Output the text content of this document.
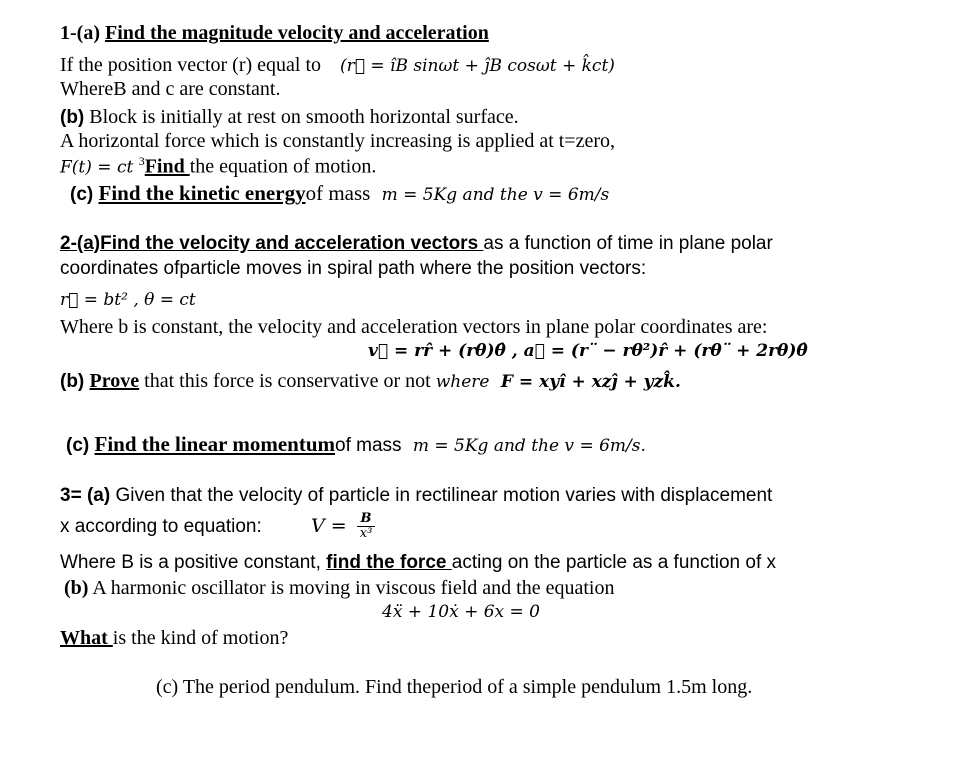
1-(a) Find the magnitude velocity and acceleration
If the position vector (r) equal to (r⃗ = îB sinωt + ĵB cosωt + k̂ct)
WhereB and c are constant.
(b) Block is initially at rest on smooth horizontal surface.
A horizontal force which is constantly increasing is applied at t=zero,
F(t) = ct $^3$Find the equation of motion.
(c) Find the kinetic energyof mass m = 5Kg and the v = 6m/s
2-(a)Find the velocity and acceleration vectors as a function of time in plane polar
coordinates ofparticle moves in spiral path where the position vectors:
r⃗ = bt² , θ = ct
Where b is constant, the velocity and acceleration vectors in plane polar coordinates are:
v⃗ = rr̂ + (rθ)θ̂ , a⃗ = (r¨ − rθ²)r̂ + (rθ¨ + 2rθ)θ̂
(b) Prove that this force is conservative or not where F = xyî + xzĵ + yzk̂.
(c) Find the linear momentumof mass m = 5Kg and the v = 6m/s.
3= (a) Given that the velocity of particle in rectilinear motion varies with displacement
x according to equation:	$V = \frac{B}{\text{x³}}$
Where B is a positive constant, find the force acting on the particle as a function of x
(b) A harmonic oscillator is moving in viscous field and the equation
4ẍ + 10ẋ + 6x = 0
What is the kind of motion?
(c) The period pendulum. Find theperiod of a simple pendulum 1.5m long.
